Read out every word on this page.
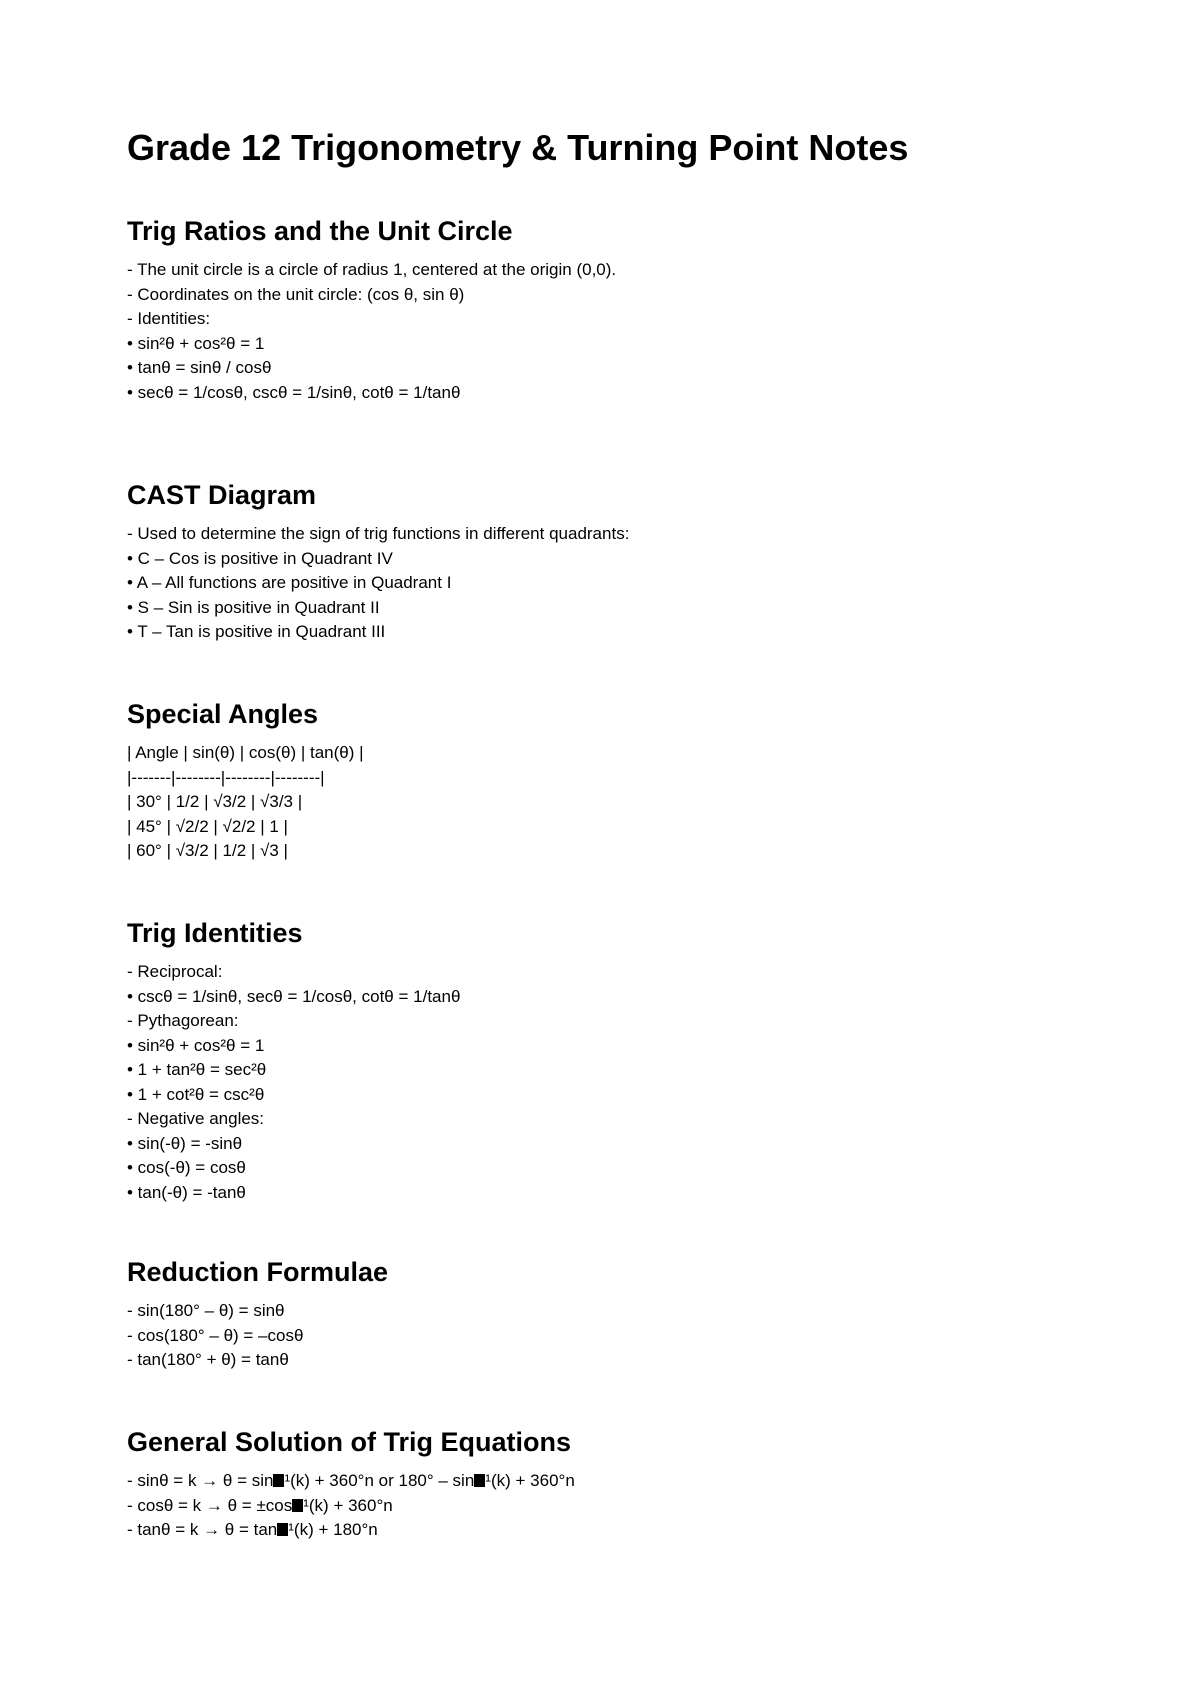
Grade 12 Trigonometry & Turning Point Notes
Trig Ratios and the Unit Circle
- The unit circle is a circle of radius 1, centered at the origin (0,0).
- Coordinates on the unit circle: (cos θ, sin θ)
- Identities:
• sin²θ + cos²θ = 1
• tanθ = sinθ / cosθ
• secθ = 1/cosθ, cscθ = 1/sinθ, cotθ = 1/tanθ
CAST Diagram
- Used to determine the sign of trig functions in different quadrants:
• C – Cos is positive in Quadrant IV
• A – All functions are positive in Quadrant I
• S – Sin is positive in Quadrant II
• T – Tan is positive in Quadrant III
Special Angles
| Angle | sin(θ) | cos(θ) | tan(θ) |
|-------|--------|--------|--------|
| 30° | 1/2 | √3/2 | √3/3 |
| 45° | √2/2 | √2/2 | 1 |
| 60° | √3/2 | 1/2 | √3 |
Trig Identities
- Reciprocal:
• cscθ = 1/sinθ, secθ = 1/cosθ, cotθ = 1/tanθ
- Pythagorean:
• sin²θ + cos²θ = 1
• 1 + tan²θ = sec²θ
• 1 + cot²θ = csc²θ
- Negative angles:
• sin(-θ) = -sinθ
• cos(-θ) = cosθ
• tan(-θ) = -tanθ
Reduction Formulae
- sin(180° – θ) = sinθ
- cos(180° – θ) = –cosθ
- tan(180° + θ) = tanθ
General Solution of Trig Equations
- sinθ = k → θ = sin ¹(k) + 360°n or 180° – sin ¹(k) + 360°n
- cosθ = k → θ = ±cos ¹(k) + 360°n
- tanθ = k → θ = tan ¹(k) + 180°n
